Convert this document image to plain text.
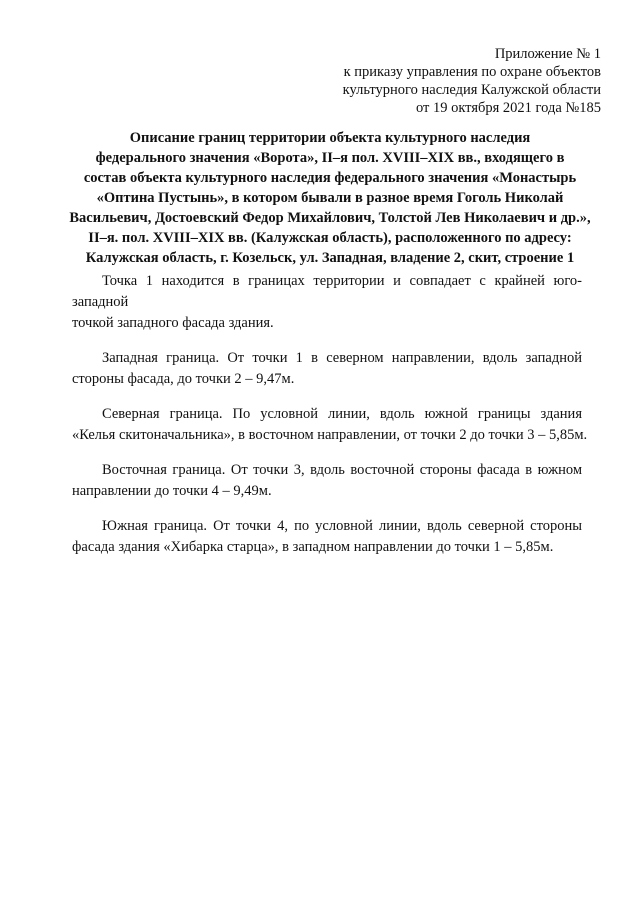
Приложение № 1
к приказу управления по охране объектов
культурного наследия Калужской области
от 19 октября 2021 года №185
Описание границ территории объекта культурного наследия
федерального значения «Ворота», II–я пол. XVIII–XIX вв., входящего в
состав объекта культурного наследия федерального значения «Монастырь
«Оптина Пустынь», в котором бывали в разное время Гоголь Николай
Васильевич, Достоевский Федор Михайлович, Толстой Лев Николаевич и др.»,
II–я. пол. XVIII–XIX вв. (Калужская область), расположенного по адресу:
Калужская область, г. Козельск, ул. Западная, владение 2, скит, строение 1
Точка 1 находится в границах территории и совпадает с крайней юго-западной
точкой западного фасада здания.
Западная граница. От точки 1 в северном направлении, вдоль западной
стороны фасада, до точки 2 – 9,47м.
Северная граница. По условной линии, вдоль южной границы здания
«Келья скитоначальника», в восточном направлении, от точки 2 до точки 3 – 5,85м.
Восточная граница. От точки 3, вдоль восточной стороны фасада в южном
направлении до точки 4 – 9,49м.
Южная граница. От точки 4, по условной линии, вдоль северной стороны
фасада здания «Хибарка старца», в западном направлении до точки 1 – 5,85м.
